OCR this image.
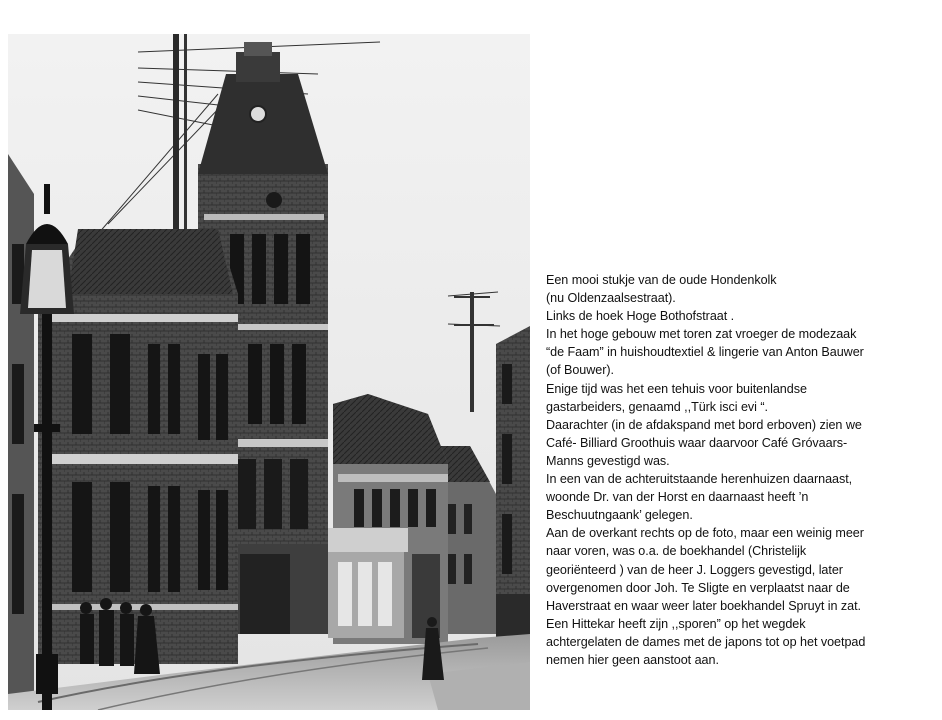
Een mooi stukje van de oude Hondenkolk
(nu Oldenzaalsestraat).
Links de hoek Hoge Bothofstraat .
In het hoge gebouw met toren zat vroeger de modezaak
“de Faam” in huishoudtextiel & lingerie van Anton Bauwer
(of Bouwer).
Enige tijd was het een tehuis voor buitenlandse
gastarbeiders, genaamd ,,Türk isci evi “.
Daarachter (in de afdakspand met bord erboven) zien we
Café- Billiard Groothuis waar daarvoor Café Gróvaars-
Manns gevestigd was.
In een van de achteruitstaande herenhuizen daarnaast,
woonde Dr. van der Horst en daarnaast heeft ’n
Beschuutngaank’ gelegen.
Aan de overkant rechts op de foto, maar een weinig meer
naar voren, was o.a. de boekhandel (Christelijk
georiënteerd ) van de heer J. Loggers gevestigd, later
overgenomen door Joh. Te Sligte en verplaatst naar de
Haverstraat en waar weer later boekhandel Spruyt in zat.
Een Hittekar heeft zijn ,,sporen” op het wegdek
achtergelaten de dames met de japons tot op het voetpad
nemen hier geen aanstoot aan.
